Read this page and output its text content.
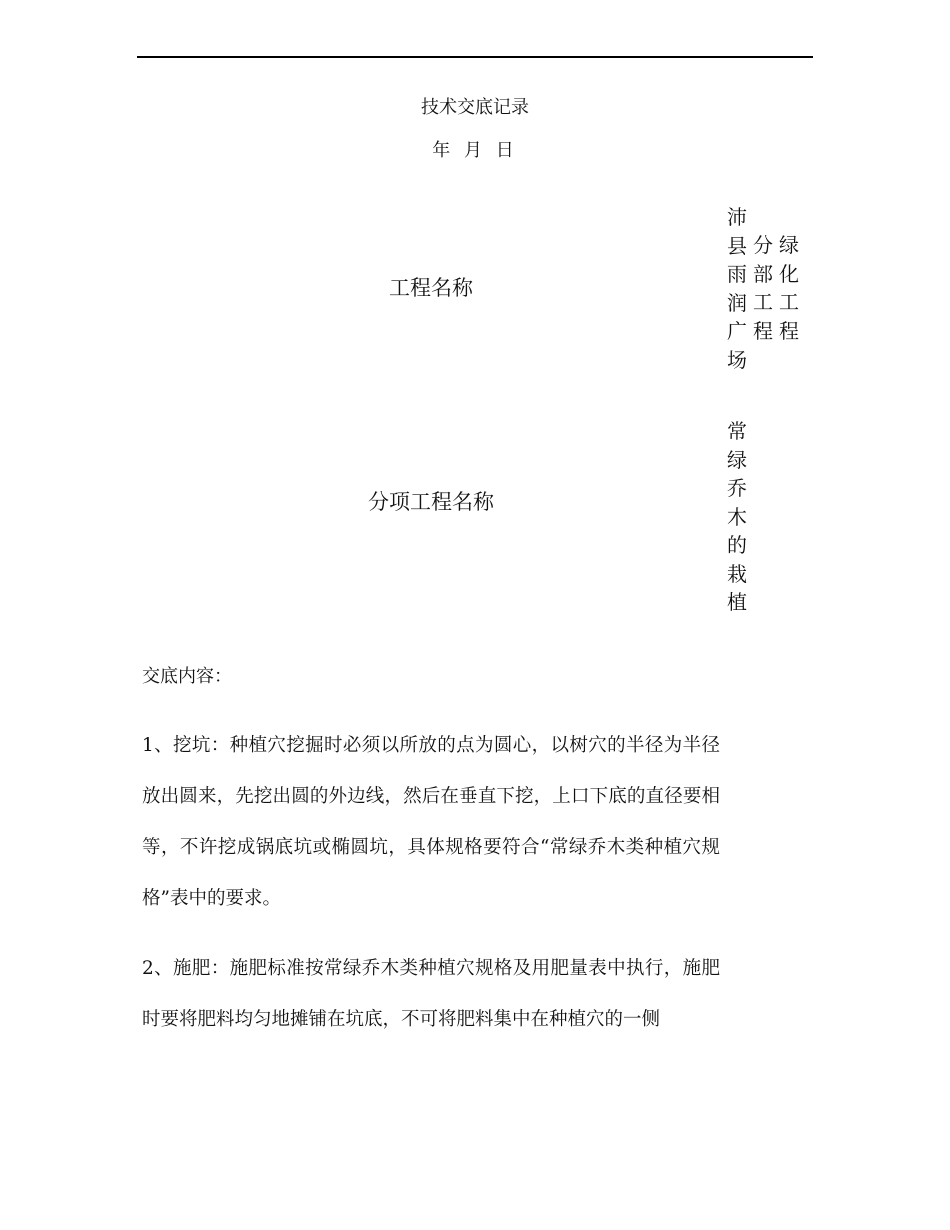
技术交底记录
年 月 日
工程名称
沛县雨润广场
分部工程
绿化工程
分项工程名称
常绿乔木的栽植
交底内容：
1、挖坑：种植穴挖掘时必须以所放的点为圆心，以树穴的半径为半径放出圆来，先挖出圆的外边线，然后在垂直下挖，上口下底的直径要相等，不许挖成锅底坑或椭圆坑，具体规格要符合“常绿乔木类种植穴规格”表中的要求。
2、施肥：施肥标准按常绿乔木类种植穴规格及用肥量表中执行，施肥时要将肥料均匀地摊铺在坑底，不可将肥料集中在种植穴的一侧
